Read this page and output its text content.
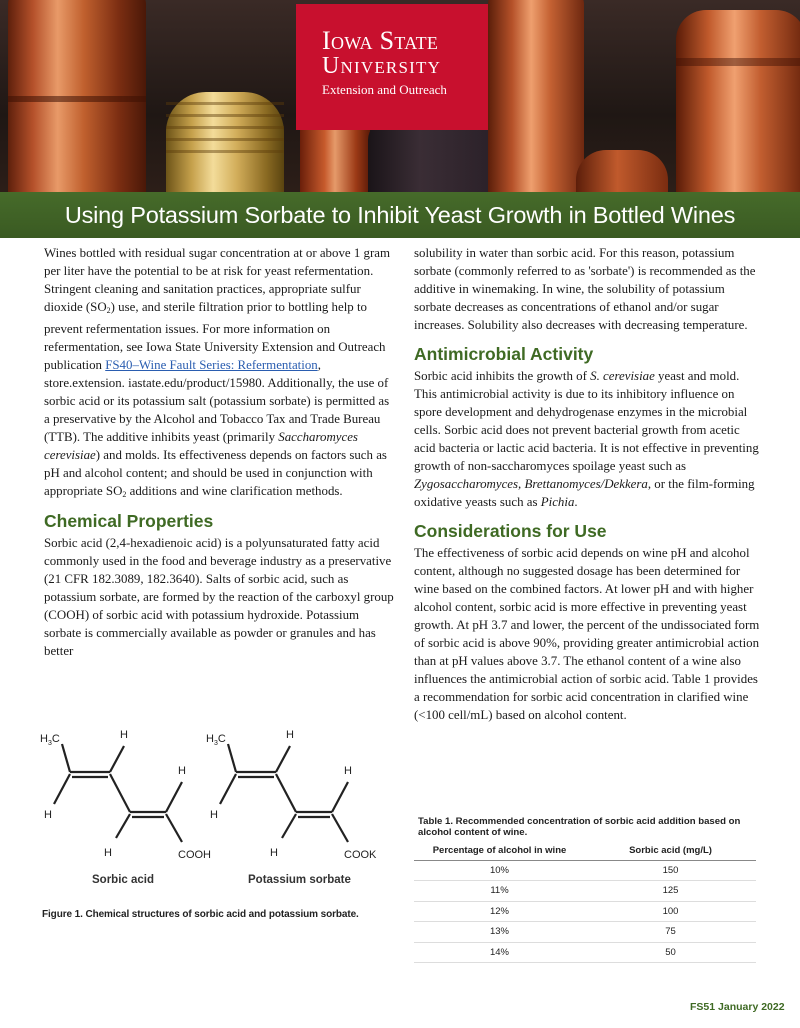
Iowa State
University
Extension and Outreach
Using Potassium Sorbate to Inhibit Yeast Growth in Bottled Wines

Wines bottled with residual sugar concentration at or above 1 gram per liter have the potential to be at risk for yeast refermentation. Stringent cleaning and sanitation practices, appropriate sulfur dioxide $(SO_2)$ use, and sterile filtration prior to bottling help to prevent refermentation issues. For more information on refermentation, see Iowa State University Extension and Outreach publication FS40–Wine Fault Series: Refermentation, store.extension. iastate.edu/product/15980. Additionally, the use of sorbic acid or its potassium salt (potassium sorbate) is permitted as a preservative by the Alcohol and Tobacco Tax and Trade Bureau (TTB). The additive inhibits yeast (primarily Saccharomyces cerevisiae) and molds. Its effectiveness depends on factors such as pH and alcohol content; and should be used in conjunction with appropriate $SO_2$ additions and wine clarification methods.

Chemical Properties

Sorbic acid (2,4-hexadienoic acid) is a polyunsaturated fatty acid commonly used in the food and beverage industry as a preservative (21 CFR 182.3089, 182.3640). Salts of sorbic acid, such as potassium sorbate, are formed by the reaction of the carboxyl group (COOH) of sorbic acid with potassium hydroxide. Potassium sorbate is commercially available as powder or granules and has better

solubility in water than sorbic acid. For this reason, potassium sorbate (commonly referred to as 'sorbate') is recommended as the additive in winemaking. In wine, the solubility of potassium sorbate decreases as concentrations of ethanol and/or sugar increases. Solubility also decreases with decreasing temperature.

Antimicrobial Activity

Sorbic acid inhibits the growth of S. cerevisiae yeast and mold. This antimicrobial activity is due to its inhibitory influence on spore development and dehydrogenase enzymes in the microbial cells. Sorbic acid does not prevent bacterial growth from acetic acid bacteria or lactic acid bacteria. It is not effective in preventing growth of non-saccharomyces spoilage yeast such as Zygosaccharomyces, Brettanomyces/Dekkera, or the film-forming oxidative yeasts such as Pichia.

Considerations for Use

The effectiveness of sorbic acid depends on wine pH and alcohol content, although no suggested dosage has been determined for wine based on the combined factors. At lower pH and with higher alcohol content, sorbic acid is more effective in preventing yeast growth. At pH 3.7 and lower, the percent of the undissociated form of sorbic acid is above 90%, providing greater antimicrobial action than at pH values above 3.7. The ethanol content of a wine also influences the antimicrobial action of sorbic acid. Table 1 provides a recommendation for sorbic acid concentration in clarified wine (<100 cell/mL) based on alcohol content.

$H_3C$	H
H
H
H	COOH
$H_3C$	H
H
H
H	COOK
Sorbic acid	Potassium sorbate
Figure 1. Chemical structures of sorbic acid and potassium sorbate.
Table 1. Recommended concentration of sorbic acid addition based on alcohol content of wine.
Percentage of alcohol in wine	Sorbic acid (mg/L)
10%	150
11%	125
12%	100
13%	75
14%	50
FS51 January 2022
